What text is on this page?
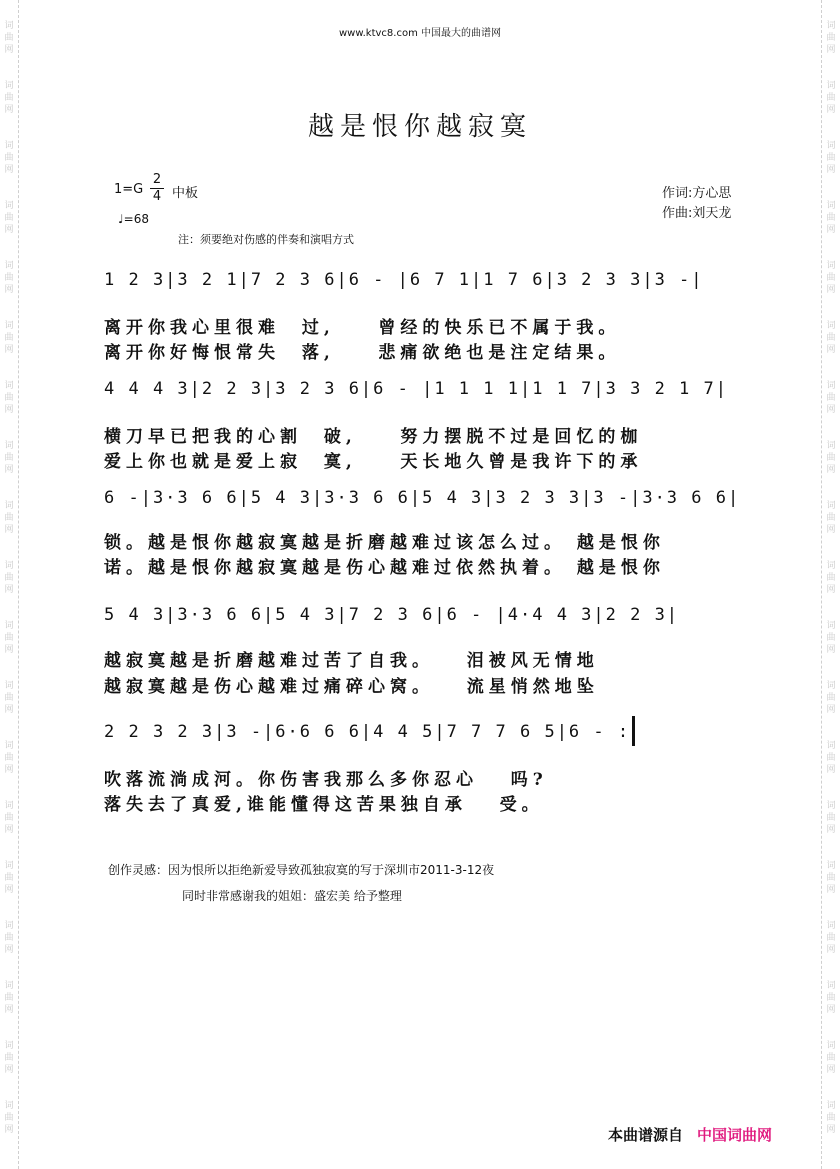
词
曲
网
词
曲
网
词
曲
网
词
曲
网
词
曲
网
词
曲
网
词
曲
网
词
曲
网
词
曲
网
词
曲
网
词
曲
网
词
曲
网
词
曲
网
词
曲
网
词
曲
网
词
曲
网
词
曲
网
词
曲
网
词
曲
网
词
曲
网
词
曲
网
词
曲
网
词
曲
网
词
曲
网
词
曲
网
词
曲
网
词
曲
网
词
曲
网
词
曲
网
词
曲
网
词
曲
网
词
曲
网
词
曲
网
词
曲
网
词
曲
网
词
曲
网
词
曲
网
词
曲
网
www.ktvc8.com 中国最大的曲谱网
越是恨你越寂寞
$1=G \frac{2}{4}$ 中板
♩=68
注：须要绝对伤感的伴奏和演唱方式
作词:方心思
作曲:刘天龙
1 2 3|3 2 1|7 2 3 6|6 - |6 7 1|1 7 6|3 2 3 3|3 -|
离开你我心里很难  过,    曾经的快乐已不属于我。
离开你好悔恨常失  落,    悲痛欲绝也是注定结果。
4 4 4 3|2 2 3|3 2 3 6|6 - |1 1 1 1|1 1 7|3 3 2 1 7|
横刀早已把我的心割  破,    努力摆脱不过是回忆的枷
爱上你也就是爱上寂  寞,    天长地久曾是我许下的承
6 -|3·3 6 6|5 4 3|3·3 6 6|5 4 3|3 2 3 3|3 -|3·3 6 6|
锁。越是恨你越寂寞越是折磨越难过该怎么过。 越是恨你
诺。越是恨你越寂寞越是伤心越难过依然执着。 越是恨你
5 4 3|3·3 6 6|5 4 3|7 2 3 6|6 - |4·4 4 3|2 2 3|
越寂寞越是折磨越难过苦了自我。   泪被风无情地
越寂寞越是伤心越难过痛碎心窝。   流星悄然地坠
2 2 3 2 3|3 -|6·6 6 6|4 4 5|7 7 7 6 5|6 - :
吹落流淌成河。你伤害我那么多你忍心   吗?
落失去了真爱,谁能懂得这苦果独自承   受。
创作灵感：因为恨所以拒绝新爱导致孤独寂寞的写于深圳市2011-3-12夜
同时非常感谢我的姐姐：盛宏美 给予整理
本曲谱源自 中国词曲网
